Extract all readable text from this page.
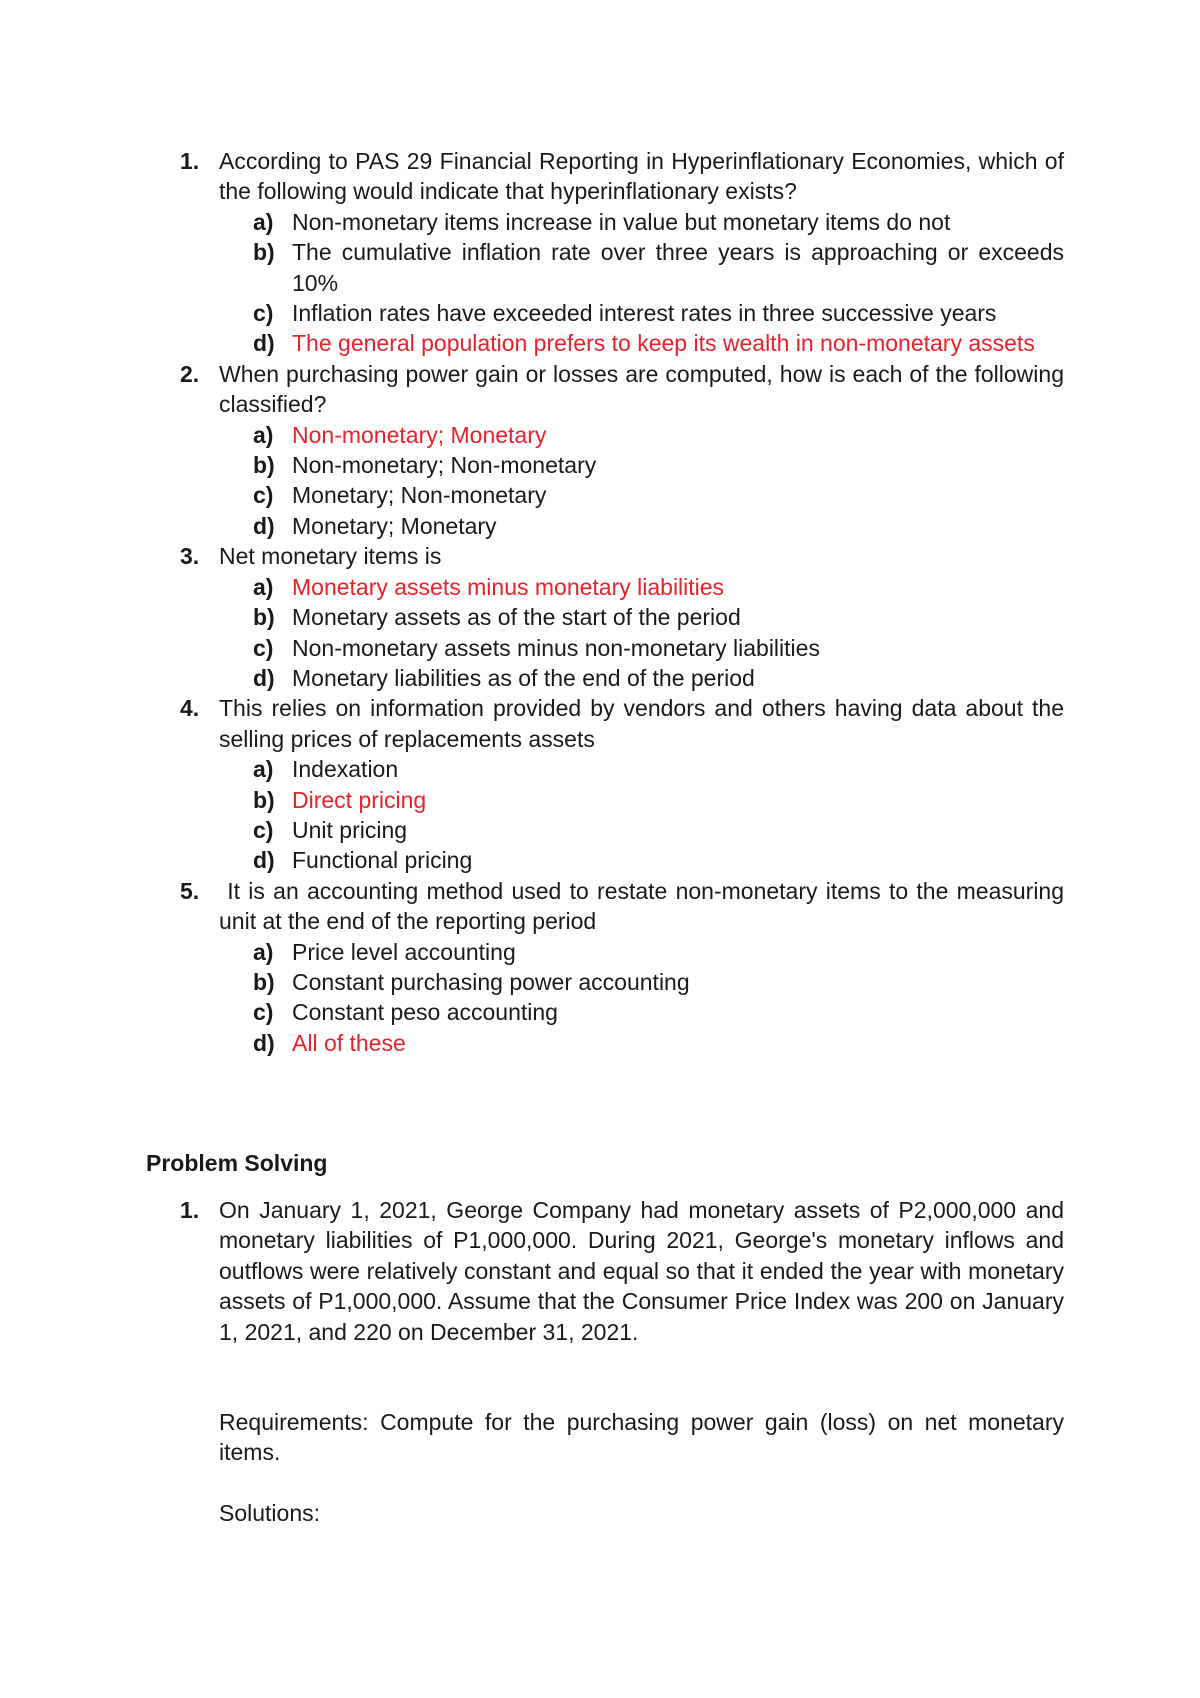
1. According to PAS 29 Financial Reporting in Hyperinflationary Economies, which of the following would indicate that hyperinflationary exists?
a) Non-monetary items increase in value but monetary items do not
b) The cumulative inflation rate over three years is approaching or exceeds 10%
c) Inflation rates have exceeded interest rates in three successive years
d) The general population prefers to keep its wealth in non-monetary assets
2. When purchasing power gain or losses are computed, how is each of the following classified?
a) Non-monetary; Monetary
b) Non-monetary; Non-monetary
c) Monetary; Non-monetary
d) Monetary; Monetary
3. Net monetary items is
a) Monetary assets minus monetary liabilities
b) Monetary assets as of the start of the period
c) Non-monetary assets minus non-monetary liabilities
d) Monetary liabilities as of the end of the period
4. This relies on information provided by vendors and others having data about the selling prices of replacements assets
a) Indexation
b) Direct pricing
c) Unit pricing
d) Functional pricing
5. It is an accounting method used to restate non-monetary items to the measuring unit at the end of the reporting period
a) Price level accounting
b) Constant purchasing power accounting
c) Constant peso accounting
d) All of these
Problem Solving
1. On January 1, 2021, George Company had monetary assets of P2,000,000 and monetary liabilities of P1,000,000. During 2021, George's monetary inflows and outflows were relatively constant and equal so that it ended the year with monetary assets of P1,000,000. Assume that the Consumer Price Index was 200 on January 1, 2021, and 220 on December 31, 2021.
Requirements: Compute for the purchasing power gain (loss) on net monetary items.
Solutions:
